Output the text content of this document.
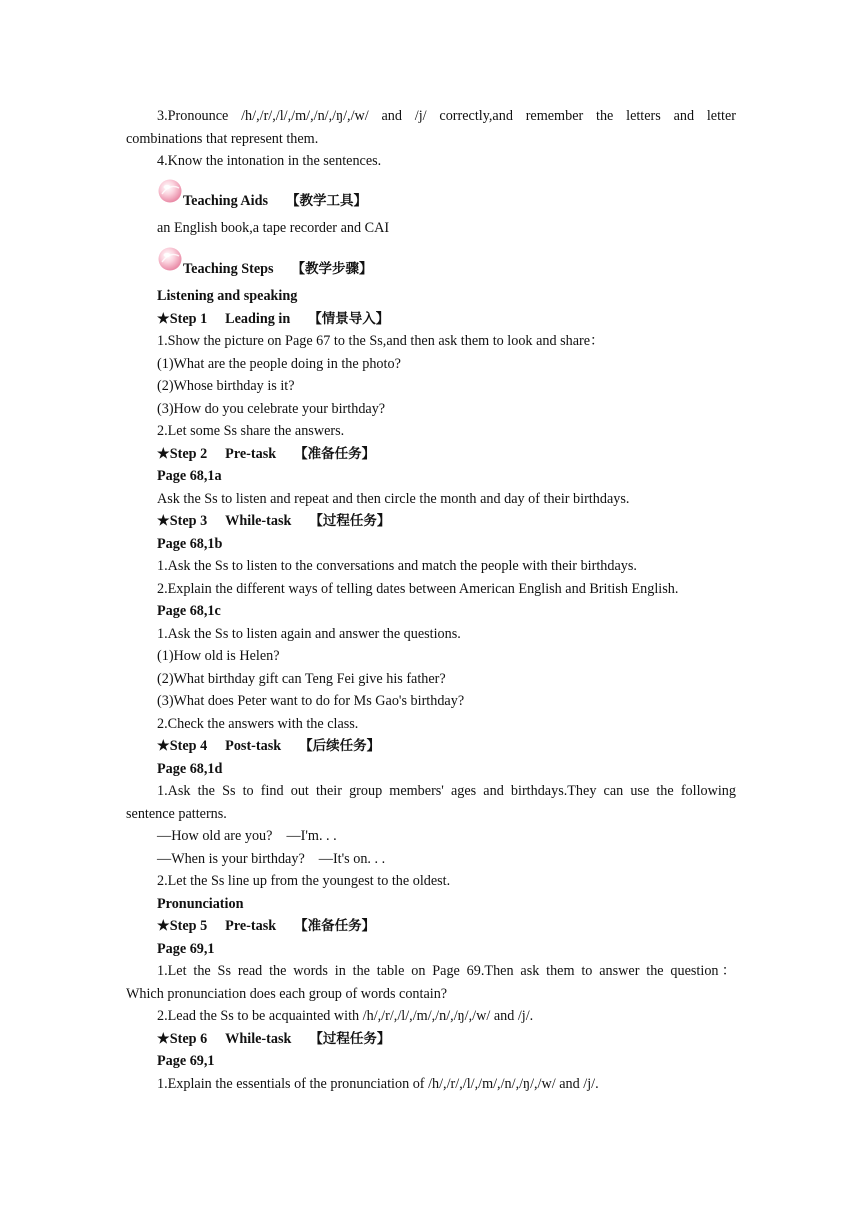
3.Pronounce /h/,/r/,/l/,/m/,/n/,/ŋ/,/w/ and /j/ correctly,and remember the letters and letter
combinations that represent them.
4.Know the intonation in the sentences.
Teaching Aids 【教学工具】
an English book,a tape recorder and CAI
Teaching Steps 【教学步骤】
Listening and speaking
★Step 1 Leading in 【情景导入】
1.Show the picture on Page 67 to the Ss,and then ask them to look and share：
(1)What are the people doing in the photo?
(2)Whose birthday is it?
(3)How do you celebrate your birthday?
2.Let some Ss share the answers.
★Step 2 Pre-task 【准备任务】
Page 68,1a
Ask the Ss to listen and repeat and then circle the month and day of their birthdays.
★Step 3 While-task 【过程任务】
Page 68,1b
1.Ask the Ss to listen to the conversations and match the people with their birthdays.
2.Explain the different ways of telling dates between American English and British English.
Page 68,1c
1.Ask the Ss to listen again and answer the questions.
(1)How old is Helen?
(2)What birthday gift can Teng Fei give his father?
(3)What does Peter want to do for Ms Gao's birthday?
2.Check the answers with the class.
★Step 4 Post-task 【后续任务】
Page 68,1d
1.Ask the Ss to find out their group members' ages and birthdays.They can use the following
sentence patterns.
—How old are you? —I'm. . .
—When is your birthday? —It's on. . .
2.Let the Ss line up from the youngest to the oldest.
Pronunciation
★Step 5 Pre-task 【准备任务】
Page 69,1
1.Let the Ss read the words in the table on Page 69.Then ask them to answer the question：
Which pronunciation does each group of words contain?
2.Lead the Ss to be acquainted with /h/,/r/,/l/,/m/,/n/,/ŋ/,/w/ and /j/.
★Step 6 While-task 【过程任务】
Page 69,1
1.Explain the essentials of the pronunciation of /h/,/r/,/l/,/m/,/n/,/ŋ/,/w/ and /j/.
